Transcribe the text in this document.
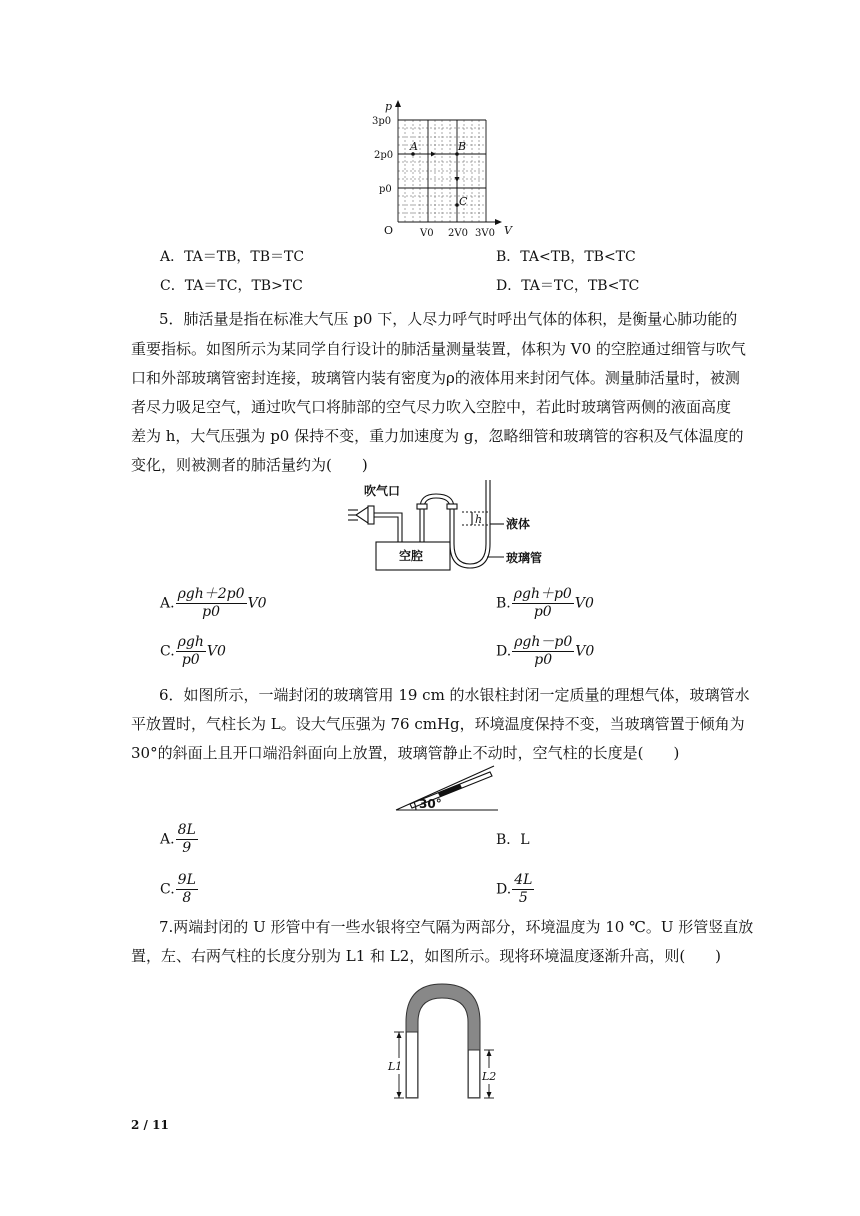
p
V
A	B
C
O
3p0
2p0
p0
V0 2V0 3V0
A．TA＝TB，TB＝TC	B．TA<TB，TB<TC
C．TA＝TC，TB>TC	D．TA＝TC，TB<TC
5．肺活量是指在标准大气压 p0 下，人尽力呼气时呼出气体的体积，是衡量心肺功能的
重要指标。如图所示为某同学自行设计的肺活量测量装置，体积为 V0 的空腔通过细管与吹气
口和外部玻璃管密封连接，玻璃管内装有密度为ρ的液体用来封闭气体。测量肺活量时，被测
者尽力吸足空气，通过吹气口将肺部的空气尽力吹入空腔中，若此时玻璃管两侧的液面高度
差为 h，大气压强为 p0 保持不变，重力加速度为 g，忽略细管和玻璃管的容积及气体温度的
变化，则被测者的肺活量约为(　　)
吹气口
空腔
液体
玻璃管
h
A. $\frac{\text{ρgh＋2p0}}{p0} V0$	B. $\frac{\text{ρgh＋p0}}{p0} V0$
C. $\frac{\text{ρgh}}{p0} V0$	D. $\frac{\text{ρgh－p0}}{p0} V0$
6．如图所示，一端封闭的玻璃管用 19 cm 的水银柱封闭一定质量的理想气体，玻璃管水
平放置时，气柱长为 L。设大气压强为 76 cmHg，环境温度保持不变，当玻璃管置于倾角为
30°的斜面上且开口端沿斜面向上放置，玻璃管静止不动时，空气柱的长度是(　　)
30°
A. $\frac{8L}{9}$	B．L
C. $\frac{9L}{8}$	D. $\frac{4L}{5}$
7.两端封闭的 U 形管中有一些水银将空气隔为两部分，环境温度为 10 ℃。U 形管竖直放
置，左、右两气柱的长度分别为 L1 和 L2，如图所示。现将环境温度逐渐升高，则(　　)
L1
L2
2 / 11
